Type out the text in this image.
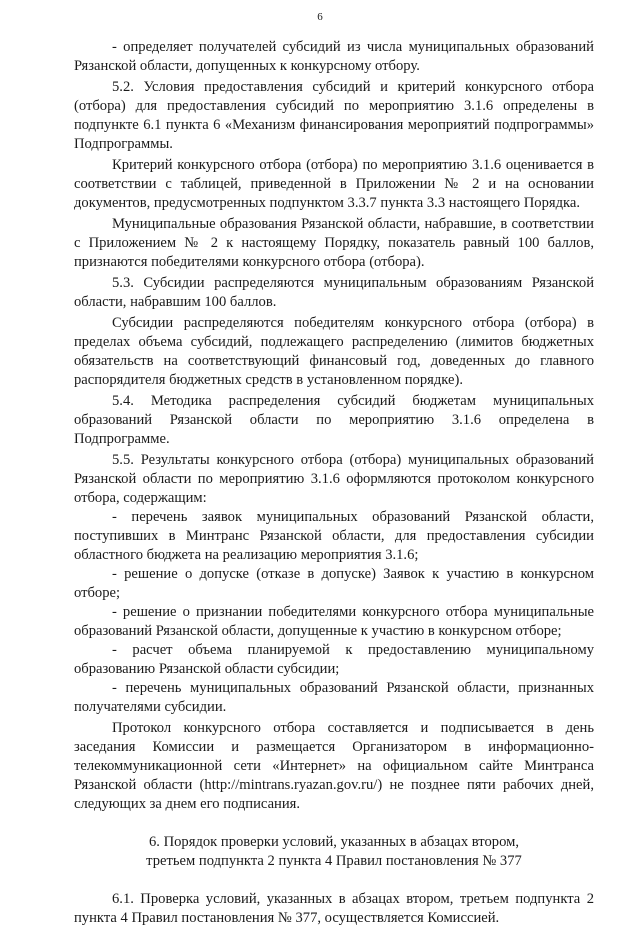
6

- определяет получателей субсидий из числа муниципальных образований Рязанской области, допущенных к конкурсному отбору.

5.2. Условия предоставления субсидий и критерий конкурсного отбора (отбора) для предоставления субсидий по мероприятию 3.1.6 определены в подпункте 6.1 пункта 6 «Механизм финансирования мероприятий подпрограммы» Подпрограммы.

Критерий конкурсного отбора (отбора) по мероприятию 3.1.6 оценивается в соответствии с таблицей, приведенной в Приложении № 2 и на основании документов, предусмотренных подпунктом 3.3.7 пункта 3.3 настоящего Порядка.

Муниципальные образования Рязанской области, набравшие, в соответствии с Приложением № 2 к настоящему Порядку, показатель равный 100 баллов, признаются победителями конкурсного отбора (отбора).

5.3. Субсидии распределяются муниципальным образованиям Рязанской области, набравшим 100 баллов.

Субсидии распределяются победителям конкурсного отбора (отбора) в пределах объема субсидий, подлежащего распределению (лимитов бюджетных обязательств на соответствующий финансовый год, доведенных до главного распорядителя бюджетных средств в установленном порядке).

5.4. Методика распределения субсидий бюджетам муниципальных образований Рязанской области по мероприятию 3.1.6 определена в Подпрограмме.

5.5. Результаты конкурсного отбора (отбора) муниципальных образований Рязанской области по мероприятию 3.1.6 оформляются протоколом конкурсного отбора, содержащим:

- перечень заявок муниципальных образований Рязанской области, поступивших в Минтранс Рязанской области, для предоставления субсидии областного бюджета на реализацию мероприятия 3.1.6;

- решение о допуске (отказе в допуске) Заявок к участию в конкурсном отборе;

- решение о признании победителями конкурсного отбора муниципальные образований Рязанской области, допущенные к участию в конкурсном отборе;

- расчет объема планируемой к предоставлению муниципальному образованию Рязанской области субсидии;

- перечень муниципальных образований Рязанской области, признанных получателями субсидии.

Протокол конкурсного отбора составляется и подписывается в день заседания Комиссии и размещается Организатором в информационно-телекоммуникационной сети «Интернет» на официальном сайте Минтранса Рязанской области (http://mintrans.ryazan.gov.ru/) не позднее пяти рабочих дней, следующих за днем его подписания.

6. Порядок проверки условий, указанных в абзацах втором,
третьем подпункта 2 пункта 4 Правил постановления № 377

6.1. Проверка условий, указанных в абзацах втором, третьем подпункта 2 пункта 4 Правил постановления № 377, осуществляется Комиссией.
